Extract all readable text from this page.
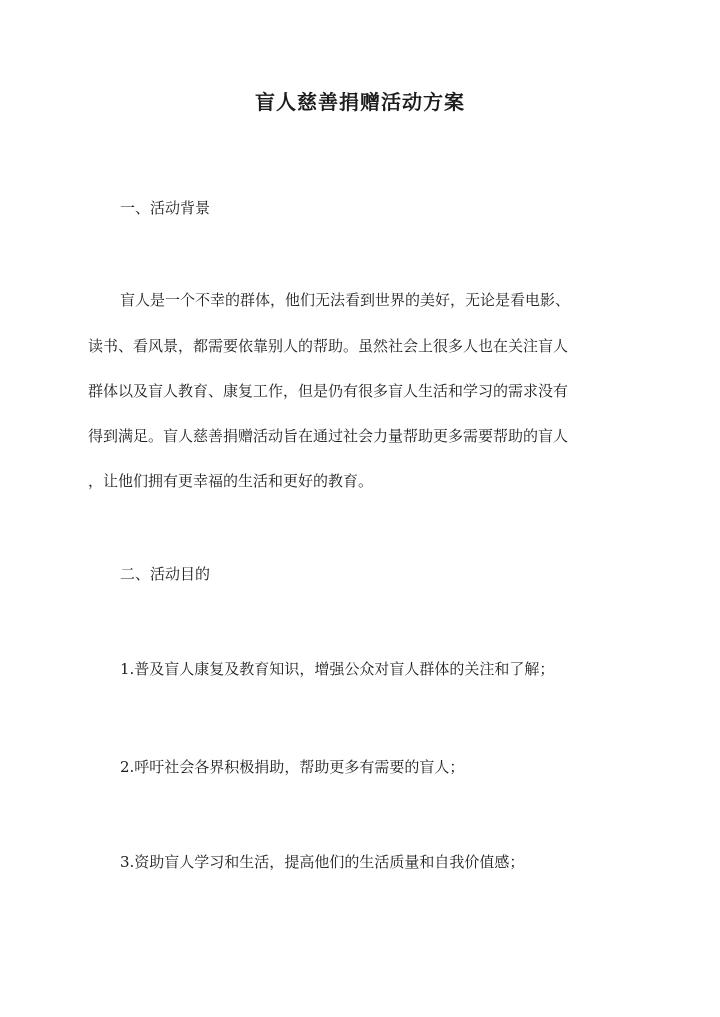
盲人慈善捐赠活动方案
一、活动背景
盲人是一个不幸的群体，他们无法看到世界的美好，无论是看电影、
读书、看风景，都需要依靠别人的帮助。虽然社会上很多人也在关注盲人
群体以及盲人教育、康复工作，但是仍有很多盲人生活和学习的需求没有
得到满足。盲人慈善捐赠活动旨在通过社会力量帮助更多需要帮助的盲人
，让他们拥有更幸福的生活和更好的教育。
二、活动目的
1.普及盲人康复及教育知识，增强公众对盲人群体的关注和了解；
2.呼吁社会各界积极捐助，帮助更多有需要的盲人；
3.资助盲人学习和生活，提高他们的生活质量和自我价值感；
